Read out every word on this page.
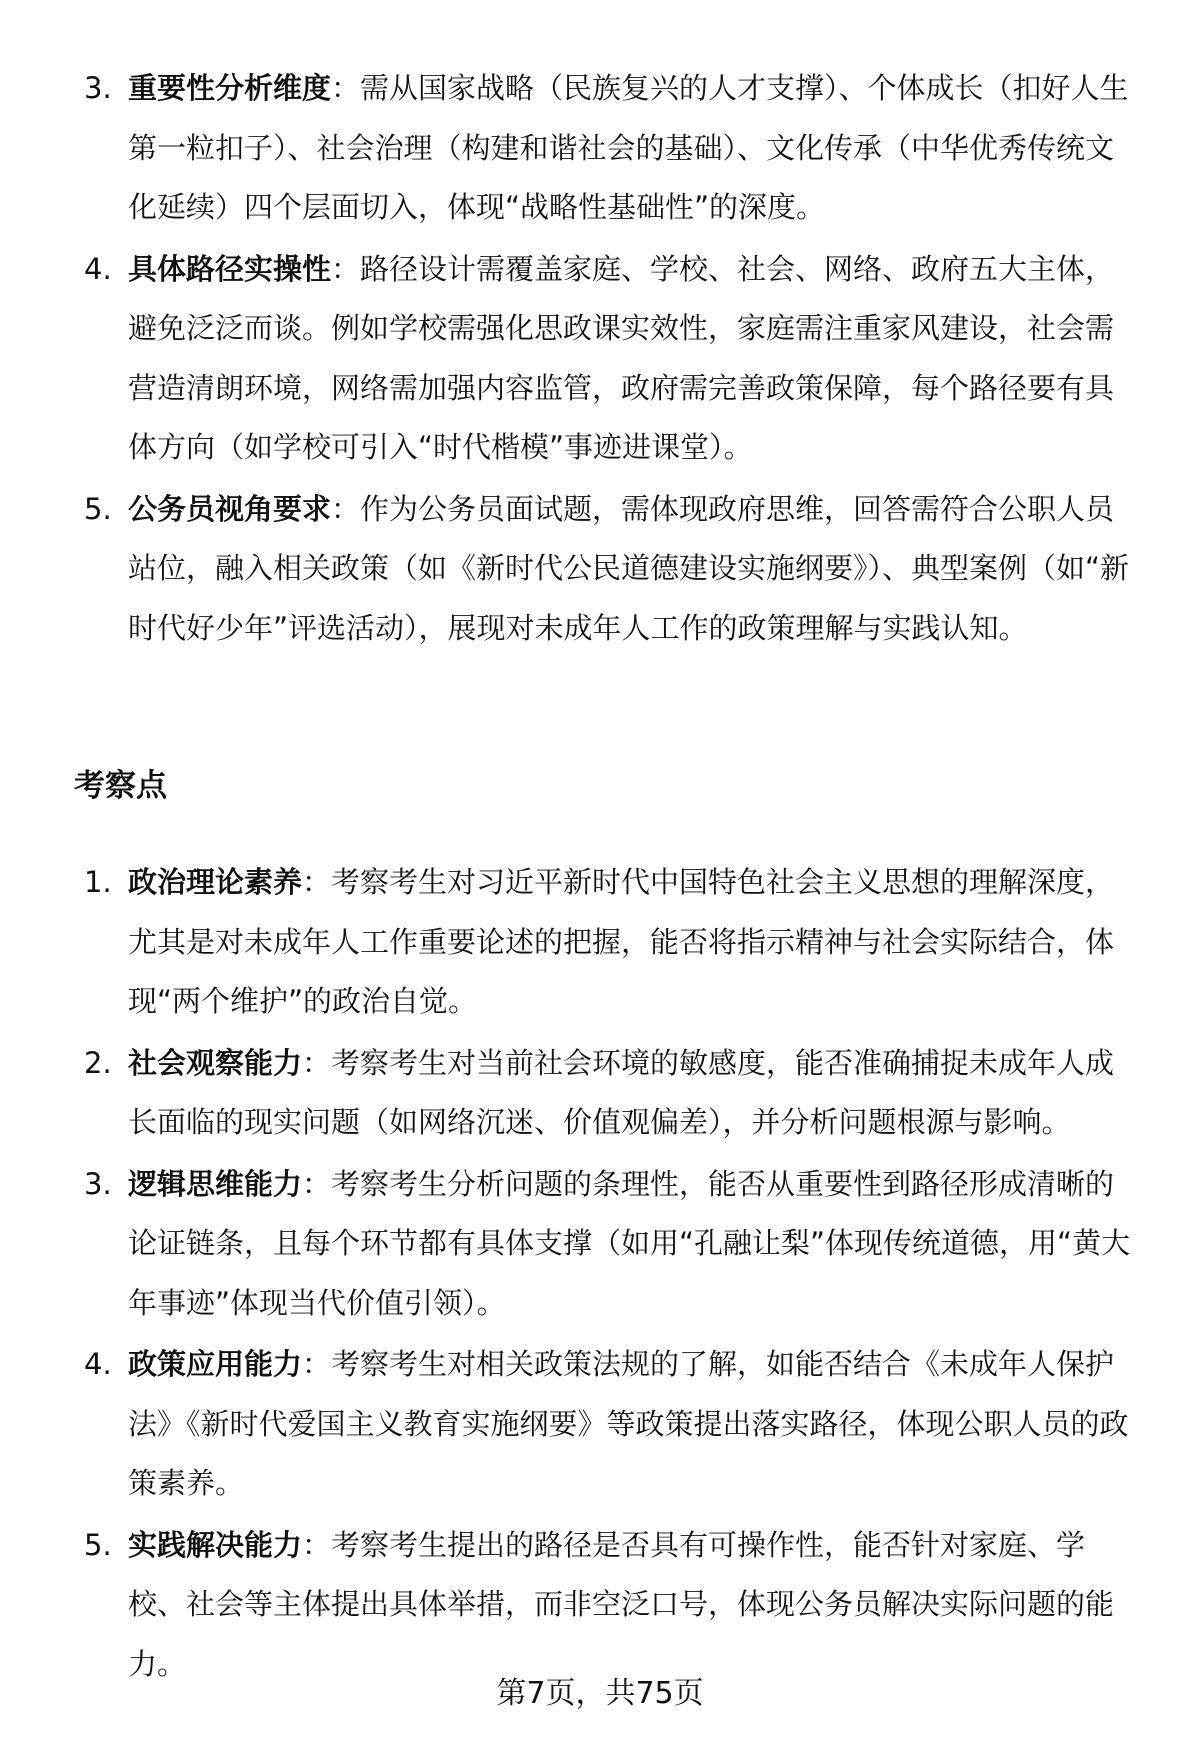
3. 重要性分析维度：需从国家战略（民族复兴的人才支撑）、个体成长（扣好人生第一粒扣子）、社会治理（构建和谐社会的基础）、文化传承（中华优秀传统文化延续）四个层面切入，体现“战略性基础性”的深度。
4. 具体路径实操性：路径设计需覆盖家庭、学校、社会、网络、政府五大主体，避免泛泛而谈。例如学校需强化思政课实效性，家庭需注重家风建设，社会需营造清朗环境，网络需加强内容监管，政府需完善政策保障，每个路径要有具体方向（如学校可引入“时代楷模”事迹进课堂）。
5. 公务员视角要求：作为公务员面试题，需体现政府思维，回答需符合公职人员站位，融入相关政策（如《新时代公民道德建设实施纲要》）、典型案例（如“新时代好少年”评选活动），展现对未成年人工作的政策理解与实践认知。
考察点
1. 政治理论素养：考察考生对习近平新时代中国特色社会主义思想的理解深度，尤其是对未成年人工作重要论述的把握，能否将指示精神与社会实际结合，体现“两个维护”的政治自觉。
2. 社会观察能力：考察考生对当前社会环境的敏感度，能否准确捕捉未成年人成长面临的现实问题（如网络沉迷、价值观偏差），并分析问题根源与影响。
3. 逻辑思维能力：考察考生分析问题的条理性，能否从重要性到路径形成清晰的论证链条，且每个环节都有具体支撑（如用“孔融让梨”体现传统道德，用“黄大年事迹”体现当代价值引领）。
4. 政策应用能力：考察考生对相关政策法规的了解，如能否结合《未成年人保护法》《新时代爱国主义教育实施纲要》等政策提出落实路径，体现公职人员的政策素养。
5. 实践解决能力：考察考生提出的路径是否具有可操作性，能否针对家庭、学校、社会等主体提出具体举措，而非空泛口号，体现公务员解决实际问题的能力。
第7页，共75页
